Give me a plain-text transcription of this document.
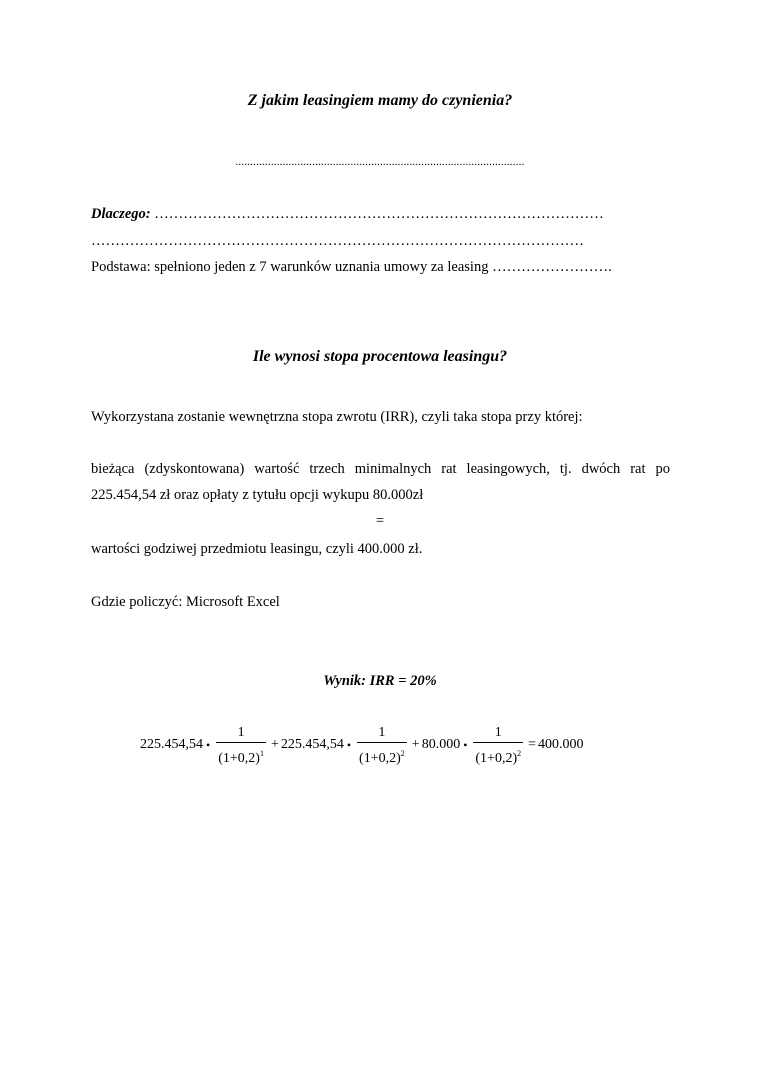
Z jakim leasingiem mamy do czynienia?
..................................................................................................
Dlaczego: …………………………………………………………………………………
…………………………………………………………………………………………
Podstawa: spełniono jeden z 7 warunków uznania umowy za leasing …………………….
Ile wynosi stopa procentowa leasingu?
Wykorzystana zostanie wewnętrzna stopa zwrotu (IRR), czyli taka stopa przy której:
bieżąca (zdyskontowana) wartość trzech minimalnych rat leasingowych, tj. dwóch rat po
225.454,54 zł oraz opłaty z tytułu opcji wykupu 80.000zł
=
wartości godziwej przedmiotu leasingu, czyli 400.000 zł.
Gdzie policzyć: Microsoft Excel
Wynik: IRR = 20%
225.454,54 • $\frac{1}{(1+0,2)^1} + 225.454,54$ • $\frac{1}{(1+0,2)^2} + 80.000$ • $\frac{1}{(1+0,2)^2} = 400.000$
